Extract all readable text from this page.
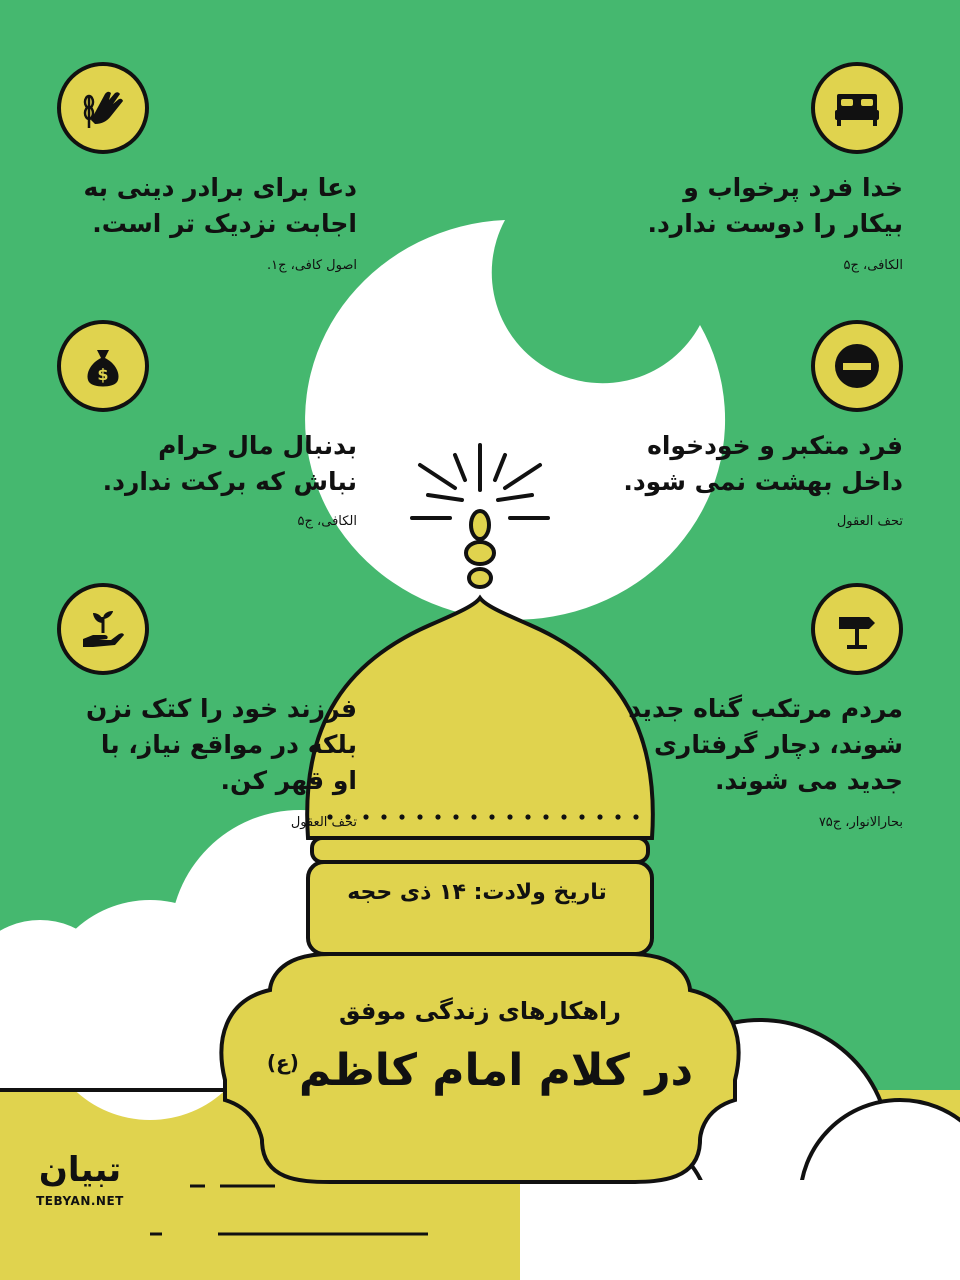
دعا برای برادر دینی به
اجابت نزدیک تر است.
اصول کافی، ج۱.
$
بدنبال مال حرام
نباش که برکت ندارد.
الکافی، ج۵
فرزند خود را کتک نزن
بلکه در مواقع نیاز، با
او قهر کن.
تحف العقول
خدا فرد پرخواب و
بیکار را دوست ندارد.
الکافی، ج۵
فرد متکبر و خودخواه
داخل بهشت نمی شود.
تحف العقول
مردم مرتکب گناه جدید
شوند، دچار گرفتاری
جدید می شوند.
بحارالانوار، ج۷۵
تاریخ ولادت: ۱۴ ذی حجه
راهکارهای زندگی موفق
در کلام امام کاظم$^{(ع)}$
تبیان
TEBYAN.NET
